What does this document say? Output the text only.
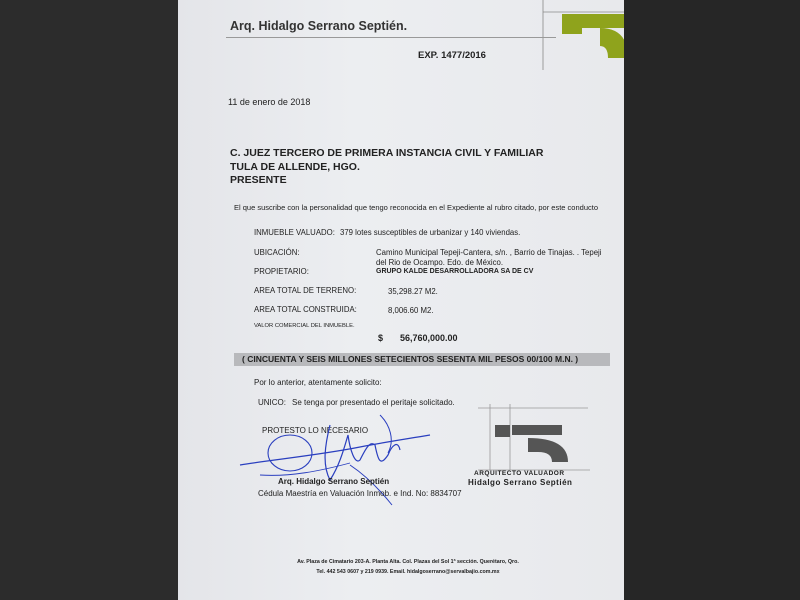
Arq. Hidalgo Serrano Septién.
EXP. 1477/2016
11 de enero de 2018
C. JUEZ TERCERO DE PRIMERA INSTANCIA CIVIL Y FAMILIAR
TULA DE ALLENDE, HGO.
PRESENTE
El que suscribe con la personalidad que tengo reconocida en el Expediente al rubro citado, por este conducto
INMUEBLE VALUADO: 379 lotes susceptibles de urbanizar y 140 viviendas.
UBICACIÓN:	Camino Municipal Tepeji-Cantera, s/n. , Barrio de Tinajas. . Tepeji
del Rio de Ocampo. Edo. de México.
PROPIETARIO:	GRUPO KALDE DESARROLLADORA SA DE CV
AREA TOTAL DE TERRENO:	35,298.27 M2.
AREA TOTAL CONSTRUIDA:	8,006.60 M2.
VALOR COMERCIAL DEL INMUEBLE.
$ 56,760,000.00
( CINCUENTA Y SEIS MILLONES SETECIENTOS SESENTA MIL PESOS 00/100 M.N. )
Por lo anterior, atentamente solicito:
UNICO: Se tenga por presentado el peritaje solicitado.
PROTESTO LO NECESARIO
ARQUITECTO VALUADOR
Hidalgo Serrano Septién
Arq. Hidalgo Serrano Septién
Cédula Maestría en Valuación Inmob. e Ind. No: 8834707
Av. Plaza de Cimatario 203-A. Planta Alta. Col. Plazas del Sol 1ª sección. Querétaro, Qro.
Tel. 442 543 0607 y 219 0939. Email. hidalgoserrano@servalbajio.com.mx
